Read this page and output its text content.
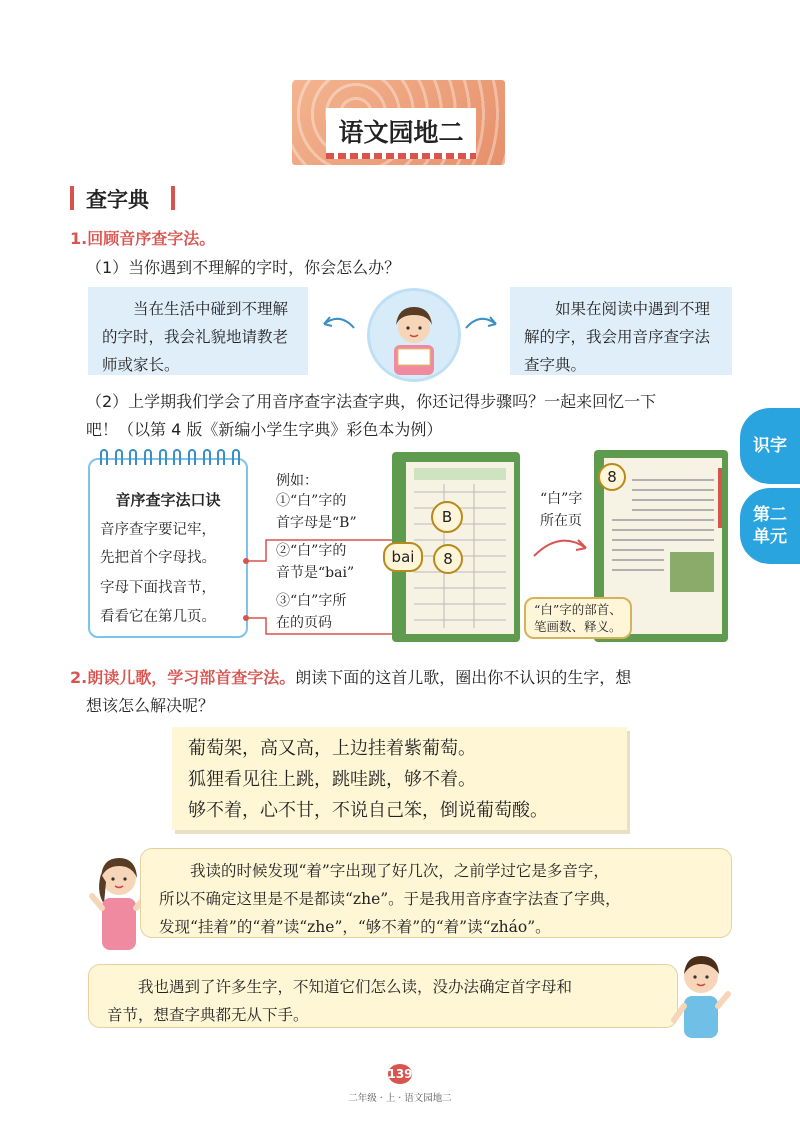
语文园地二
查字典
1.回顾音序查字法。
（1）当你遇到不理解的字时，你会怎么办？
当在生活中碰到不理解的字时，我会礼貌地请教老师或家长。
如果在阅读中遇到不理解的字，我会用音序查字法查字典。
（2）上学期我们学会了用音序查字法查字典，你还记得步骤吗？一起来回忆一下
吧！（以第 4 版《新编小学生字典》彩色本为例）
识字
第二
单元
音序查字法口诀
音序查字要记牢，
先把首个字母找。
字母下面找音节，
看看它在第几页。
例如：
①“白”字的
首字母是“B”
②“白”字的
音节是“bai”
③“白”字所
在的页码
B
bai	8
“白”字
所在页
8
“白”字的部首、
笔画数、释义。
2.朗读儿歌，学习部首查字法。朗读下面的这首儿歌，圈出你不认识的生字，想
想该怎么解决呢？
葡萄架，高又高，上边挂着紫葡萄。
狐狸看见往上跳，跳哇跳，够不着。
够不着，心不甘，不说自己笨，倒说葡萄酸。
我读的时候发现“着”字出现了好几次，之前学过它是多音字，
所以不确定这里是不是都读“zhe”。于是我用音序查字法查了字典，
发现“挂着”的“着”读“zhe”，“够不着”的“着”读“zháo”。
我也遇到了许多生字，不知道它们怎么读，没办法确定首字母和
音节，想查字典都无从下手。
139
二年级 · 上 · 语文园地二
